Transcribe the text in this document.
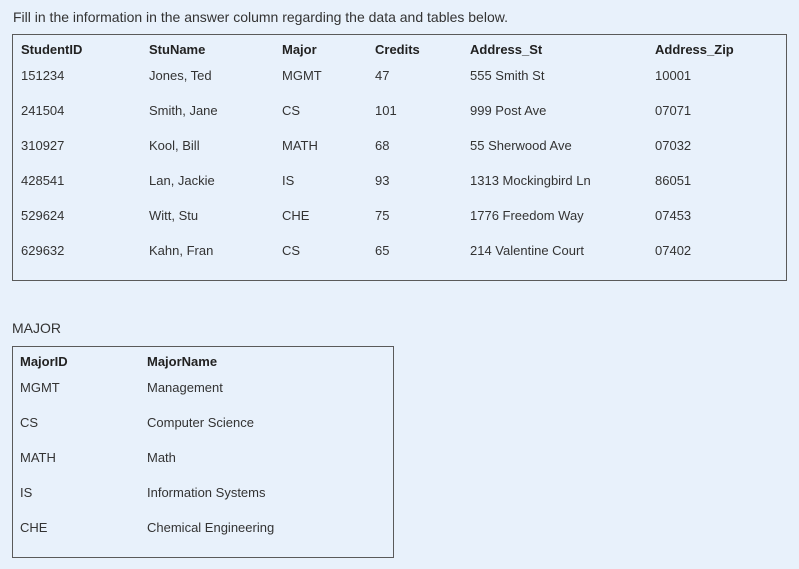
Fill in the information in the answer column regarding the data and tables below.
StudentID	StuName	Major	Credits	Address_St	Address_Zip
151234	Jones, Ted	MGMT	47	555 Smith St	10001
241504	Smith, Jane	CS	101	999 Post Ave	07071
310927	Kool, Bill	MATH	68	55 Sherwood Ave	07032
428541	Lan, Jackie	IS	93	1313 Mockingbird Ln	86051
529624	Witt, Stu	CHE	75	1776 Freedom Way	07453
629632	Kahn, Fran	CS	65	214 Valentine Court	07402
MAJOR
MajorID	MajorName
MGMT	Management
CS	Computer Science
MATH	Math
IS	Information Systems
CHE	Chemical Engineering
